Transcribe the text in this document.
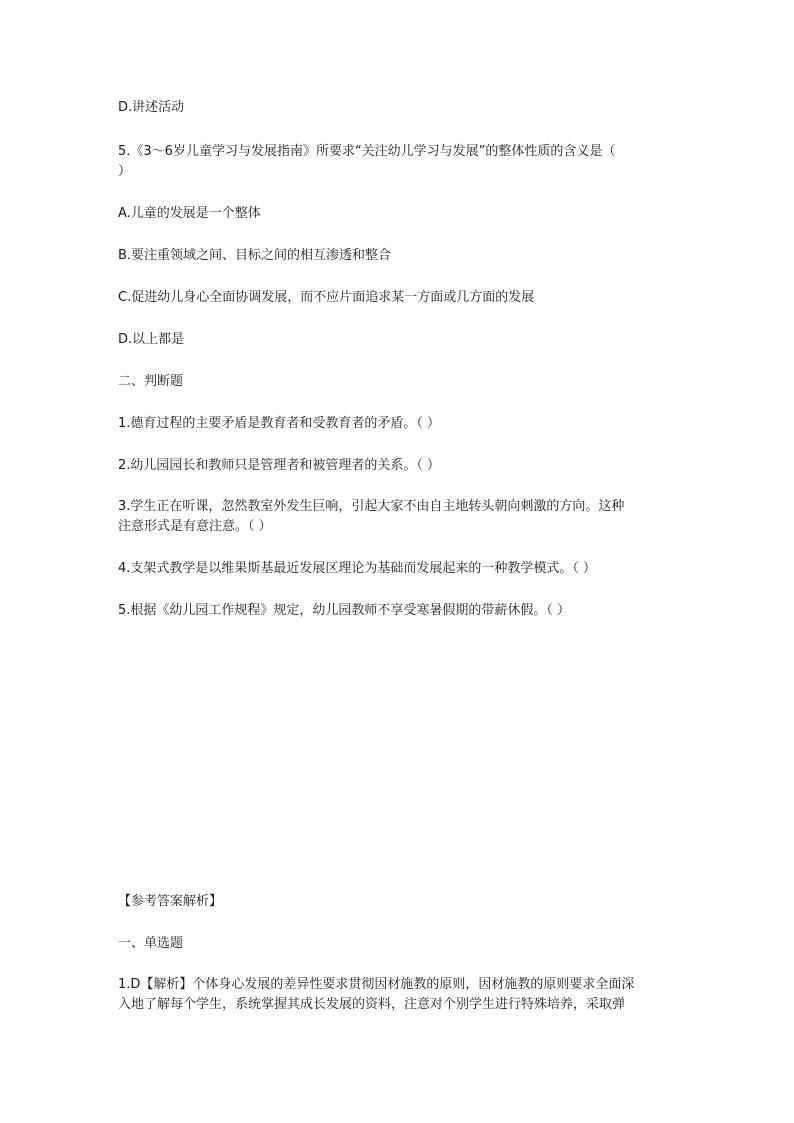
D.讲述活动
5.《3～6岁儿童学习与发展指南》所要求“关注幼儿学习与发展”的整体性质的含义是（
）
A.儿童的发展是一个整体
B.要注重领域之间、目标之间的相互渗透和整合
C.促进幼儿身心全面协调发展，而不应片面追求某一方面或几方面的发展
D.以上都是
二、判断题
1.德育过程的主要矛盾是教育者和受教育者的矛盾。（ ）
2.幼儿园园长和教师只是管理者和被管理者的关系。（ ）
3.学生正在听课，忽然教室外发生巨响，引起大家不由自主地转头朝向刺激的方向。这种
注意形式是有意注意。（ ）
4.支架式教学是以维果斯基最近发展区理论为基础而发展起来的一种教学模式。（ ）
5.根据《幼儿园工作规程》规定，幼儿园教师不享受寒暑假期的带薪休假。（ ）
【参考答案解析】
一、单选题
1.D【解析】个体身心发展的差异性要求贯彻因材施教的原则，因材施教的原则要求全面深
入地了解每个学生，系统掌握其成长发展的资料，注意对个别学生进行特殊培养，采取弹
